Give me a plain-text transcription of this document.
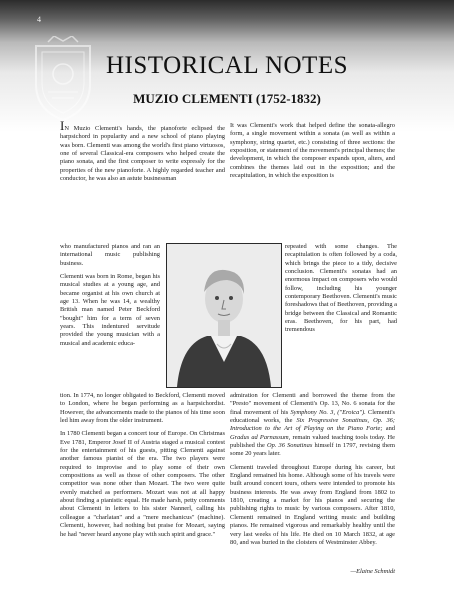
4
HISTORICAL NOTES
MUZIO CLEMENTI (1752-1832)

IN Muzio Clementi's hands, the pianoforte eclipsed the harpsichord in popularity and a new school of piano playing was born. Clementi was among the world's first piano virtuosos, one of several Classical-era composers who helped create the piano sonata, and the first composer to write expressly for the properties of the new pianoforte. A highly regarded teacher and conductor, he was also an astute businessman

who manufactured pianos and ran an international music publishing business.

Clementi was born in Rome, began his musical studies at a young age, and became organist at his own church at age 13. When he was 14, a wealthy British man named Peter Beckford "bought" him for a term of seven years. This indentured servitude provided the young musician with a musical and academic educa-

It was Clementi's work that helped define the sonata-allegro form, a single movement within a sonata (as well as within a symphony, string quartet, etc.) consisting of three sections: the exposition, or statement of the movement's principal themes; the development, in which the composer expands upon, alters, and combines the themes laid out in the exposition; and the recapitulation, in which the exposition is

repeated with some changes. The recapitulation is often followed by a coda, which brings the piece to a tidy, decisive conclusion. Clementi's sonatas had an enormous impact on composers who would follow, including his younger contemporary Beethoven. Clementi's music foreshadows that of Beethoven, providing a bridge between the Classical and Romantic eras. Beethoven, for his part, had tremendous

tion. In 1774, no longer obligated to Beckford, Clementi moved to London, where he began performing as a harpsichordist. However, the advancements made to the pianos of his time soon led him away from the older instrument.

In 1780 Clementi began a concert tour of Europe. On Christmas Eve 1781, Emperor Josef II of Austria staged a musical contest for the entertainment of his guests, pitting Clementi against another famous pianist of the era. The two players were required to improvise and to play some of their own compositions as well as those of other composers. The other competitor was none other than Mozart. The two were quite evenly matched as performers. Mozart was not at all happy about finding a pianistic equal. He made harsh, petty comments about Clementi in letters to his sister Nannerl, calling his colleague a "charlatan" and a "mere mechanicus" (machine). Clementi, however, had nothing but praise for Mozart, saying he had "never heard anyone play with such spirit and grace."

admiration for Clementi and borrowed the theme from the "Presto" movement of Clementi's Op. 13, No. 6 sonata for the final movement of his Symphony No. 3, ("Eroica"). Clementi's educational works, the Six Progressive Sonatinas, Op. 36; Introduction to the Art of Playing on the Piano Forte; and Gradus ad Parnassum, remain valued teaching tools today. He published the Op. 36 Sonatinas himself in 1797, revising them some 20 years later.

Clementi traveled throughout Europe during his career, but England remained his home. Although some of his travels were built around concert tours, others were intended to promote his business interests. He was away from England from 1802 to 1810, creating a market for his pianos and securing the publishing rights to music by various composers. After 1810, Clementi remained in England writing music and building pianos. He remained vigorous and remarkably healthy until the very last weeks of his life. He died on 10 March 1832, at age 80, and was buried in the cloisters of Westminster Abbey.

—Elaine Schmidt
